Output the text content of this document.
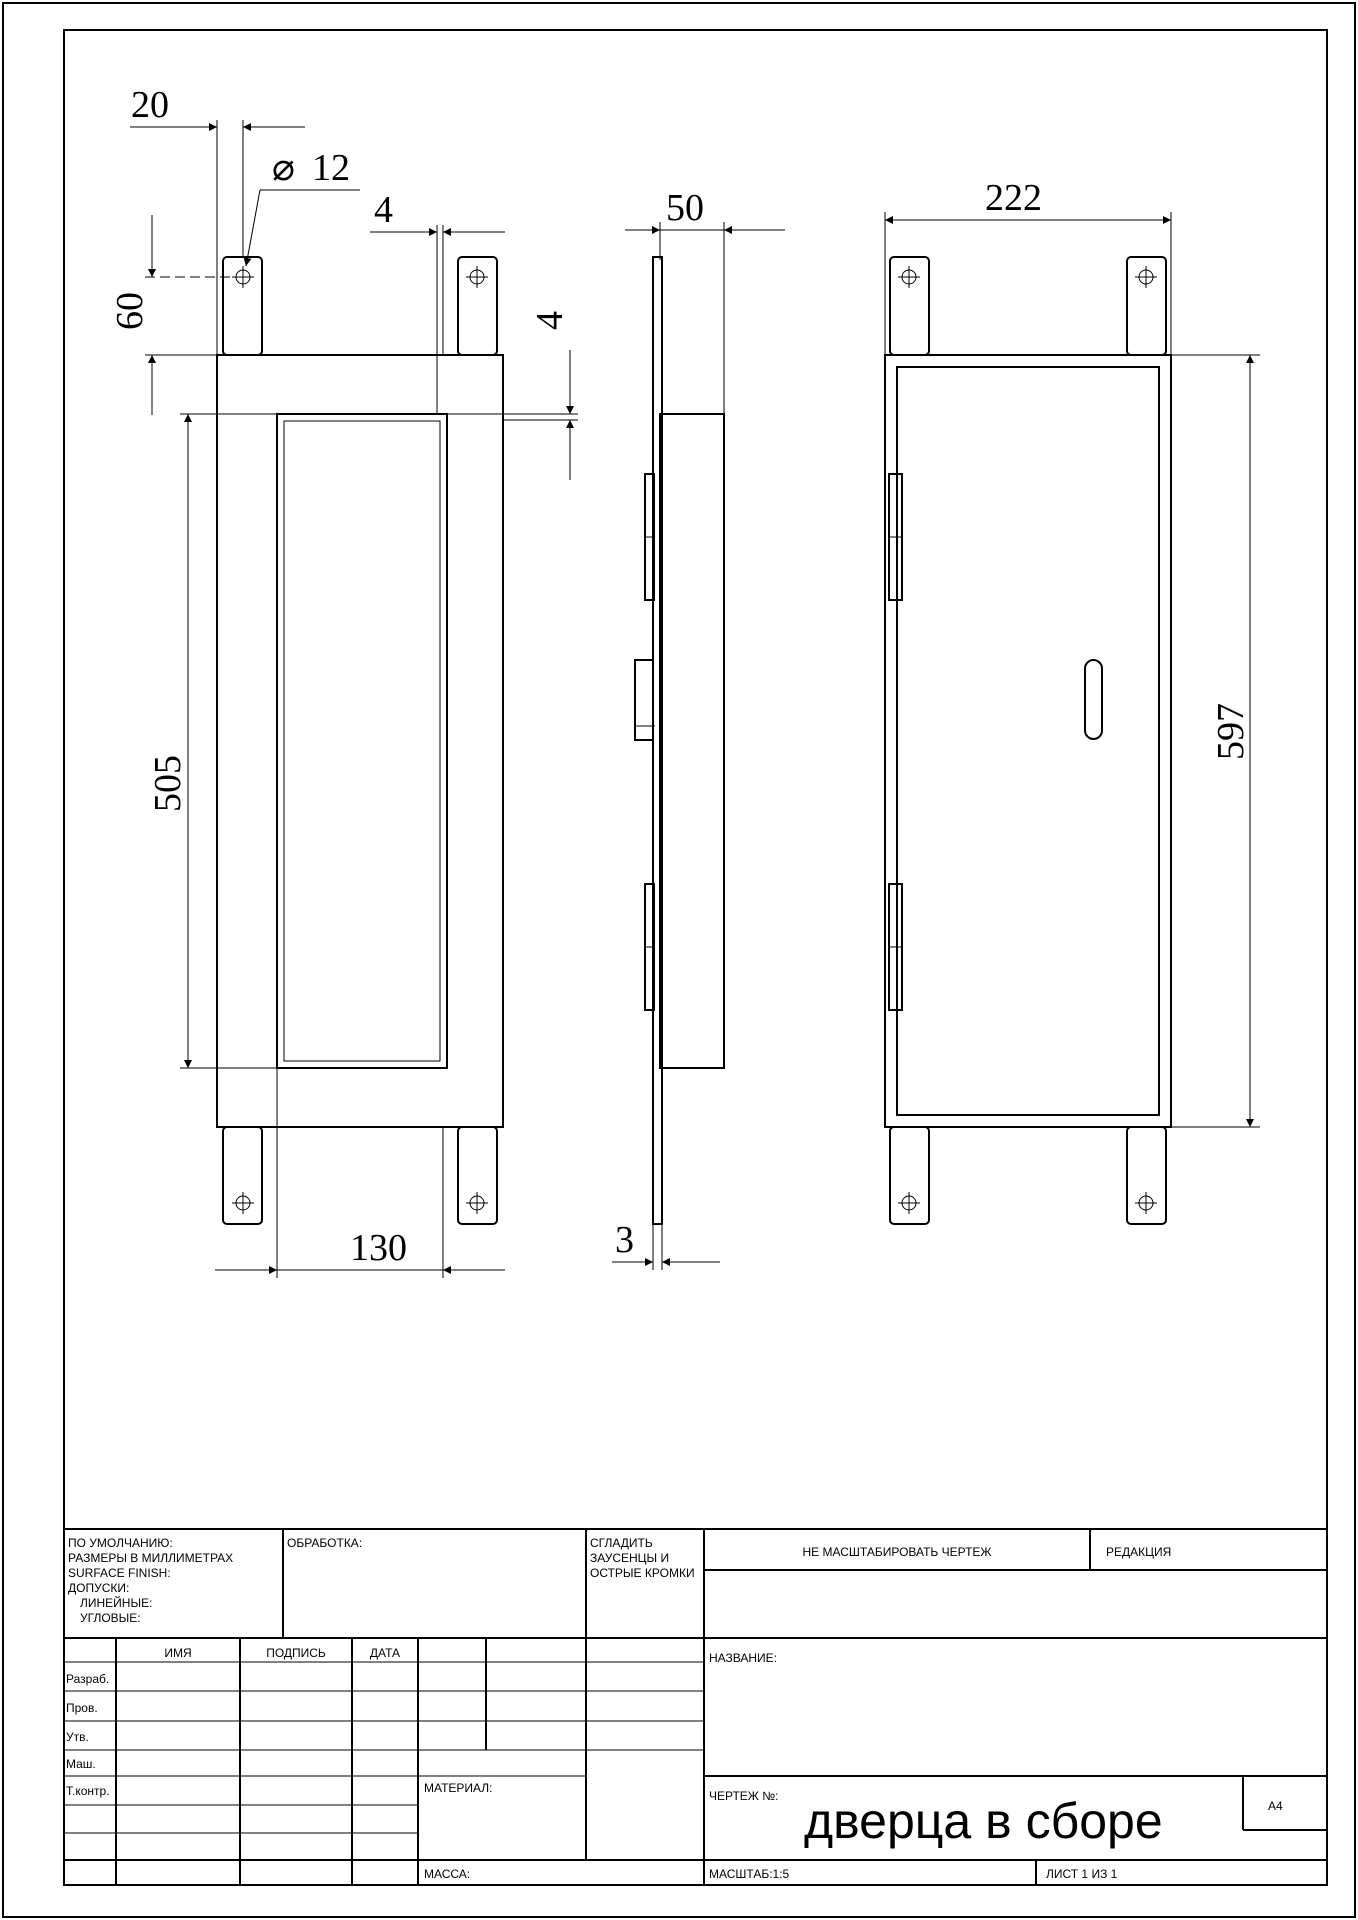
20
⌀ 12
4
60	4
505
130
50
3
222
597
ПО УМОЛЧАНИЮ:
РАЗМЕРЫ В МИЛЛИМЕТРАХ
SURFACE FINISH:
ДОПУСКИ:
ЛИНЕЙНЫЕ:
УГЛОВЫЕ:
ОБРАБОТКА:	СГЛАДИТЬ
ЗАУСЕНЦЫ И
ОСТРЫЕ КРОМКИ
НЕ МАСШТАБИРОВАТЬ ЧЕРТЕЖ	РЕДАКЦИЯ
ИМЯ	ПОДПИСЬ	ДАТА
Разраб.
Пров.
Утв.
Маш.
Т.контр.
НАЗВАНИЕ:
МАТЕРИАЛ:
ЧЕРТЕЖ №: дверца в сборе	A4
МАССА:	МАСШТАБ:1:5	ЛИСТ 1 ИЗ 1
